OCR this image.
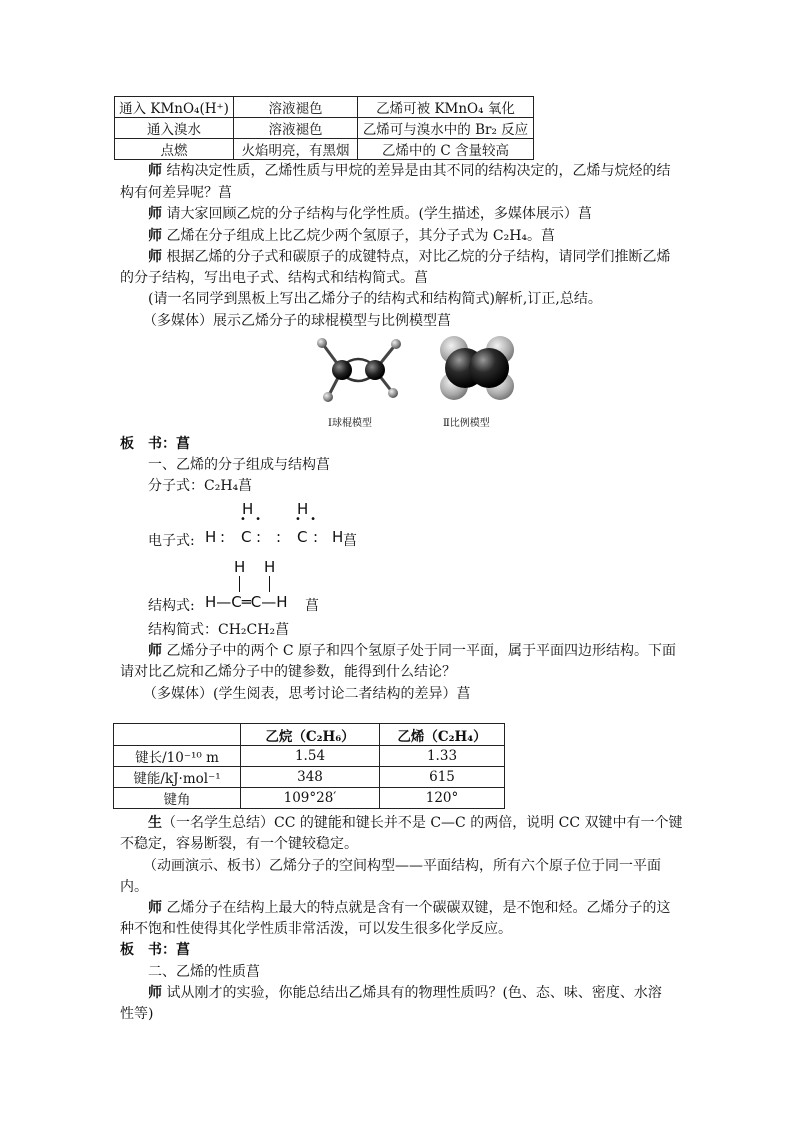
通入 KMnO₄(H⁺)	溶液褪色	乙烯可被 KMnO₄ 氧化
通入溴水	溶液褪色	乙烯可与溴水中的 Br₂ 反应
点燃	火焰明亮，有黑烟	乙烯中的 C 含量较高
师 结构决定性质，乙烯性质与甲烷的差异是由其不同的结构决定的，乙烯与烷烃的结
构有何差异呢？菖
师 请大家回顾乙烷的分子结构与化学性质。(学生描述，多媒体展示）菖
师 乙烯在分子组成上比乙烷少两个氢原子，其分子式为 C₂H₄。菖
师 根据乙烯的分子式和碳原子的成键特点，对比乙烷的分子结构，请同学们推断乙烯
的分子结构，写出电子式、结构式和结构简式。菖
(请一名同学到黑板上写出乙烯分子的结构式和结构简式)解析,订正,总结。
（多媒体）展示乙烯分子的球棍模型与比例模型菖
Ⅰ球棍模型	Ⅱ比例模型
板　书：菖
一、乙烯的分子组成与结构菖
分子式：C₂H₄菖
电子式:
H	H
• •	• •
H : C : : C : H 菖
结构式:
H H
H—C═C—H 菖
结构简式：CH₂CH₂菖
师 乙烯分子中的两个 C 原子和四个氢原子处于同一平面，属于平面四边形结构。下面
请对比乙烷和乙烯分子中的键参数，能得到什么结论？
（多媒体）(学生阅表，思考讨论二者结构的差异）菖
	乙烷（C₂H₆）	乙烯（C₂H₄）
键长/10⁻¹⁰ m	1.54	1.33
键能/kJ·mol⁻¹	348	615
键角	109°28′	120°
生（一名学生总结）CC 的键能和键长并不是 C—C 的两倍，说明 CC 双键中有一个键
不稳定，容易断裂，有一个键较稳定。
（动画演示、板书）乙烯分子的空间构型——平面结构，所有六个原子位于同一平面
内。
师 乙烯分子在结构上最大的特点就是含有一个碳碳双键，是不饱和烃。乙烯分子的这
种不饱和性使得其化学性质非常活泼，可以发生很多化学反应。
板　书：菖
二、乙烯的性质菖
师 试从刚才的实验，你能总结出乙烯具有的物理性质吗？(色、态、味、密度、水溶
性等)
